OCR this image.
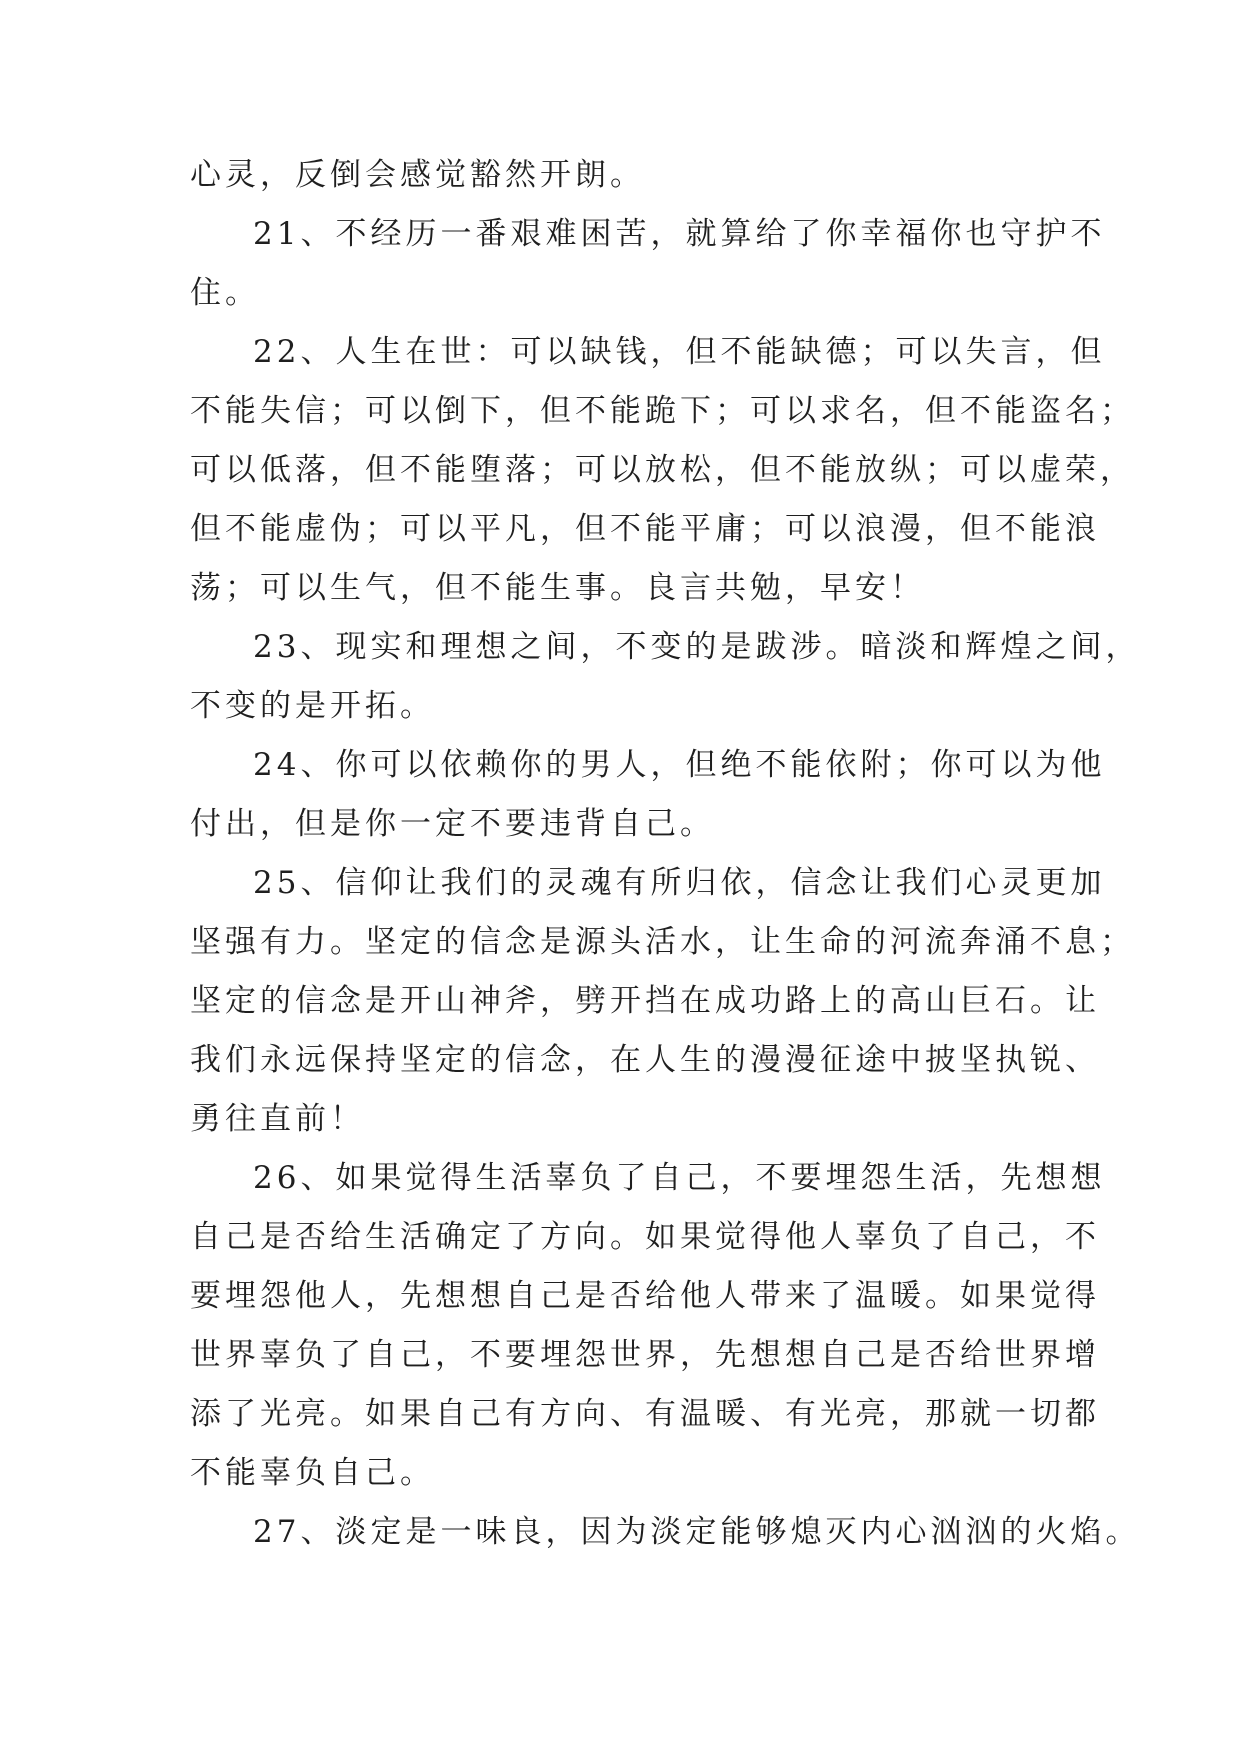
心灵，反倒会感觉豁然开朗。
21、不经历一番艰难困苦，就算给了你幸福你也守护不
住。
22、人生在世：可以缺钱，但不能缺德；可以失言，但
不能失信；可以倒下，但不能跪下；可以求名，但不能盗名；
可以低落，但不能堕落；可以放松，但不能放纵；可以虚荣，
但不能虚伪；可以平凡，但不能平庸；可以浪漫，但不能浪
荡；可以生气，但不能生事。良言共勉，早安！
23、现实和理想之间，不变的是跋涉。暗淡和辉煌之间，
不变的是开拓。
24、你可以依赖你的男人，但绝不能依附；你可以为他
付出，但是你一定不要违背自己。
25、信仰让我们的灵魂有所归依，信念让我们心灵更加
坚强有力。坚定的信念是源头活水，让生命的河流奔涌不息；
坚定的信念是开山神斧，劈开挡在成功路上的高山巨石。让
我们永远保持坚定的信念，在人生的漫漫征途中披坚执锐、
勇往直前！
26、如果觉得生活辜负了自己，不要埋怨生活，先想想
自己是否给生活确定了方向。如果觉得他人辜负了自己，不
要埋怨他人，先想想自己是否给他人带来了温暖。如果觉得
世界辜负了自己，不要埋怨世界，先想想自己是否给世界增
添了光亮。如果自己有方向、有温暖、有光亮，那就一切都
不能辜负自己。
27、淡定是一味良，因为淡定能够熄灭内心汹汹的火焰。
